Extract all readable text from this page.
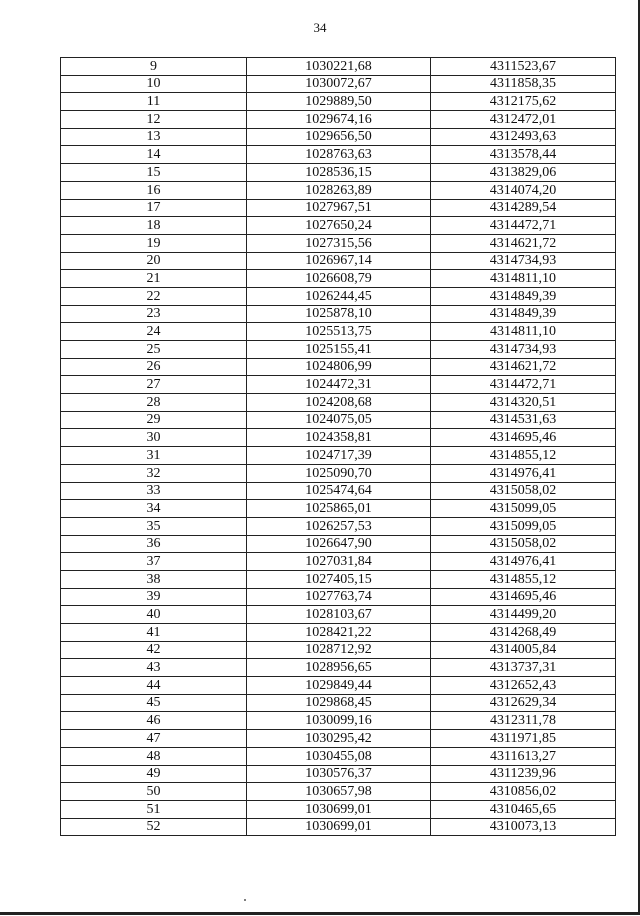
34
9	1030221,68	4311523,67
10	1030072,67	4311858,35
11	1029889,50	4312175,62
12	1029674,16	4312472,01
13	1029656,50	4312493,63
14	1028763,63	4313578,44
15	1028536,15	4313829,06
16	1028263,89	4314074,20
17	1027967,51	4314289,54
18	1027650,24	4314472,71
19	1027315,56	4314621,72
20	1026967,14	4314734,93
21	1026608,79	4314811,10
22	1026244,45	4314849,39
23	1025878,10	4314849,39
24	1025513,75	4314811,10
25	1025155,41	4314734,93
26	1024806,99	4314621,72
27	1024472,31	4314472,71
28	1024208,68	4314320,51
29	1024075,05	4314531,63
30	1024358,81	4314695,46
31	1024717,39	4314855,12
32	1025090,70	4314976,41
33	1025474,64	4315058,02
34	1025865,01	4315099,05
35	1026257,53	4315099,05
36	1026647,90	4315058,02
37	1027031,84	4314976,41
38	1027405,15	4314855,12
39	1027763,74	4314695,46
40	1028103,67	4314499,20
41	1028421,22	4314268,49
42	1028712,92	4314005,84
43	1028956,65	4313737,31
44	1029849,44	4312652,43
45	1029868,45	4312629,34
46	1030099,16	4312311,78
47	1030295,42	4311971,85
48	1030455,08	4311613,27
49	1030576,37	4311239,96
50	1030657,98	4310856,02
51	1030699,01	4310465,65
52	1030699,01	4310073,13
